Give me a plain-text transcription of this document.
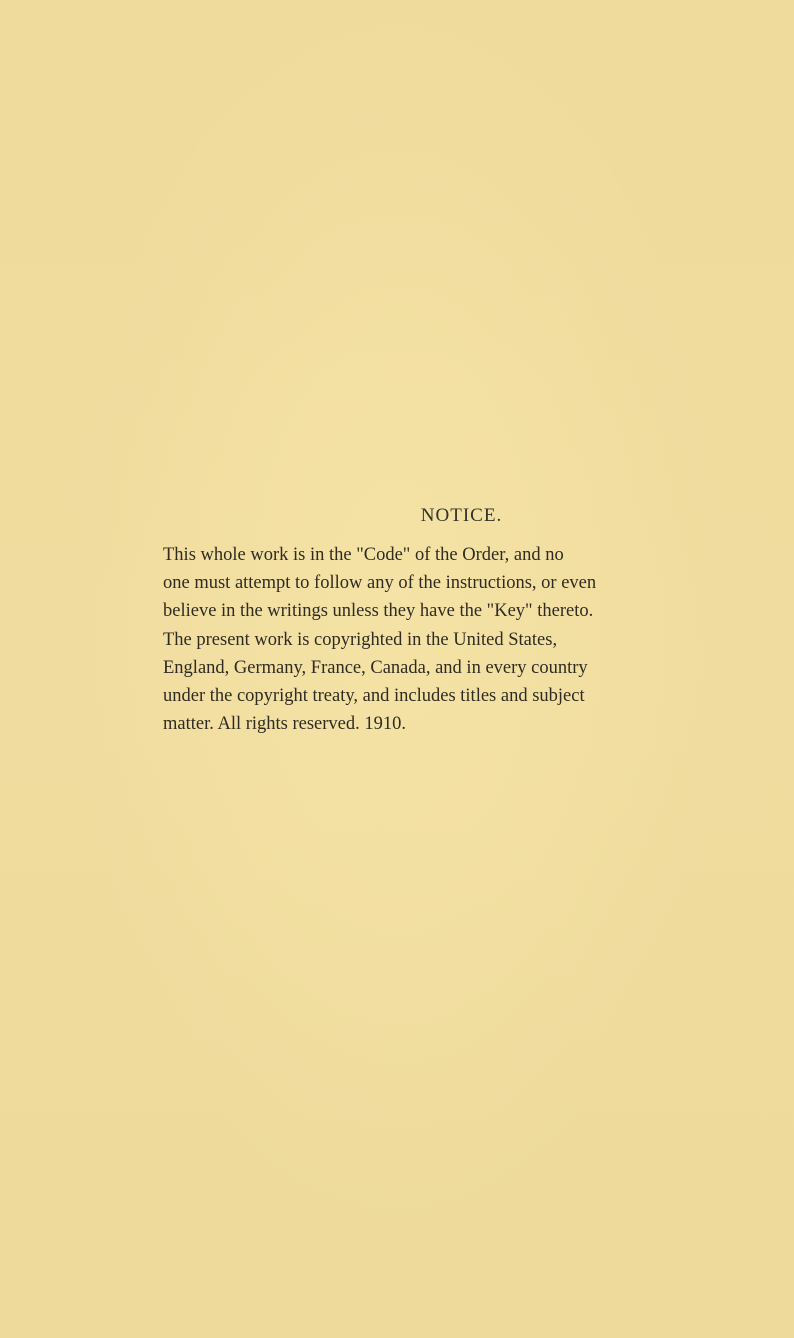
NOTICE.

This whole work is in the "Code" of the Order, and no
one must attempt to follow any of the instructions, or even
believe in the writings unless they have the "Key" thereto.
The present work is copyrighted in the United States,
England, Germany, France, Canada, and in every country
under the copyright treaty, and includes titles and subject
matter. All rights reserved. 1910.
